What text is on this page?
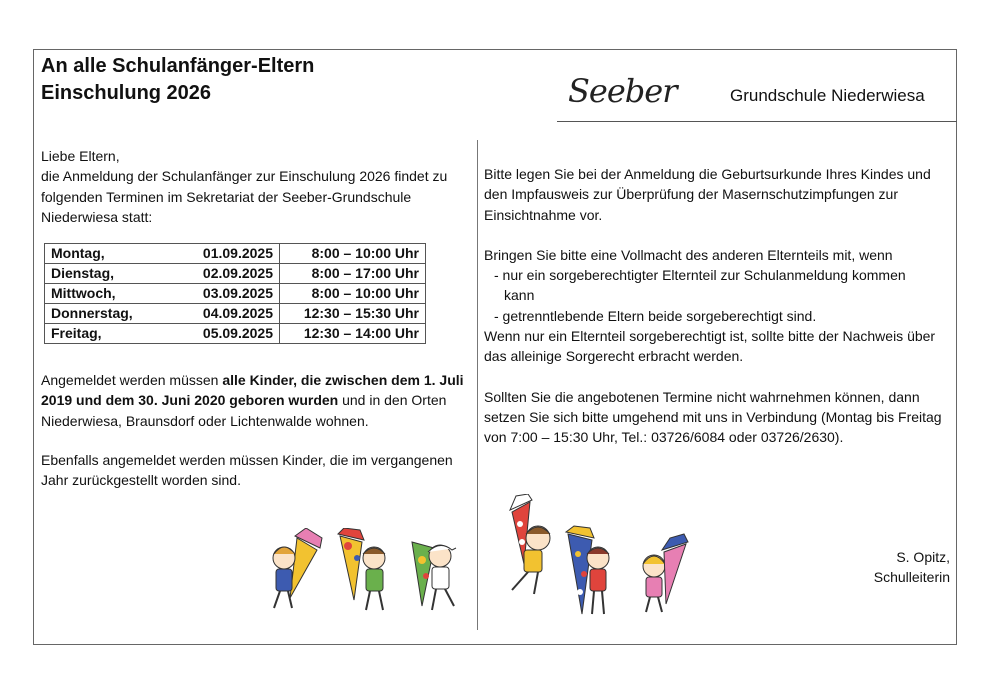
An alle Schulanfänger-Eltern
Einschulung 2026	Seeber	Grundschule Niederwiesa

Liebe Eltern,

die Anmeldung der Schulanfänger zur Einschulung 2026 findet zu folgenden Terminen im Sekretariat der Seeber-Grundschule Niederwiesa statt:

Montag,	01.09.2025	8:00 – 10:00 Uhr
Dienstag,	02.09.2025	8:00 – 17:00 Uhr
Mittwoch,	03.09.2025	8:00 – 10:00 Uhr
Donnerstag,	04.09.2025	12:30 – 15:30 Uhr
Freitag,	05.09.2025	12:30 – 14:00 Uhr

Angemeldet werden müssen alle Kinder, die zwischen dem 1. Juli 2019 und dem 30. Juni 2020 geboren wurden und in den Orten Niederwiesa, Braunsdorf oder Lichtenwalde wohnen.

Ebenfalls angemeldet werden müssen Kinder, die im vergangenen Jahr zurückgestellt worden sind.

Bitte legen Sie bei der Anmeldung die Geburtsurkunde Ihres Kindes und den Impfausweis zur Überprüfung der Masernschutzimpfungen zur Einsichtnahme vor.

Bringen Sie bitte eine Vollmacht des anderen Elternteils mit, wenn

- nur ein sorgeberechtigter Elternteil zur Schulanmeldung kommen

kann

- getrenntlebende Eltern beide sorgeberechtigt sind.

Wenn nur ein Elternteil sorgeberechtigt ist, sollte bitte der Nachweis über das alleinige Sorgerecht erbracht werden.

Sollten Sie die angebotenen Termine nicht wahrnehmen können, dann setzen Sie sich bitte umgehend mit uns in Verbindung (Montag bis Freitag von 7:00 – 15:30 Uhr, Tel.: 03726/6084 oder 03726/2630).

S. Opitz,
Schulleiterin
